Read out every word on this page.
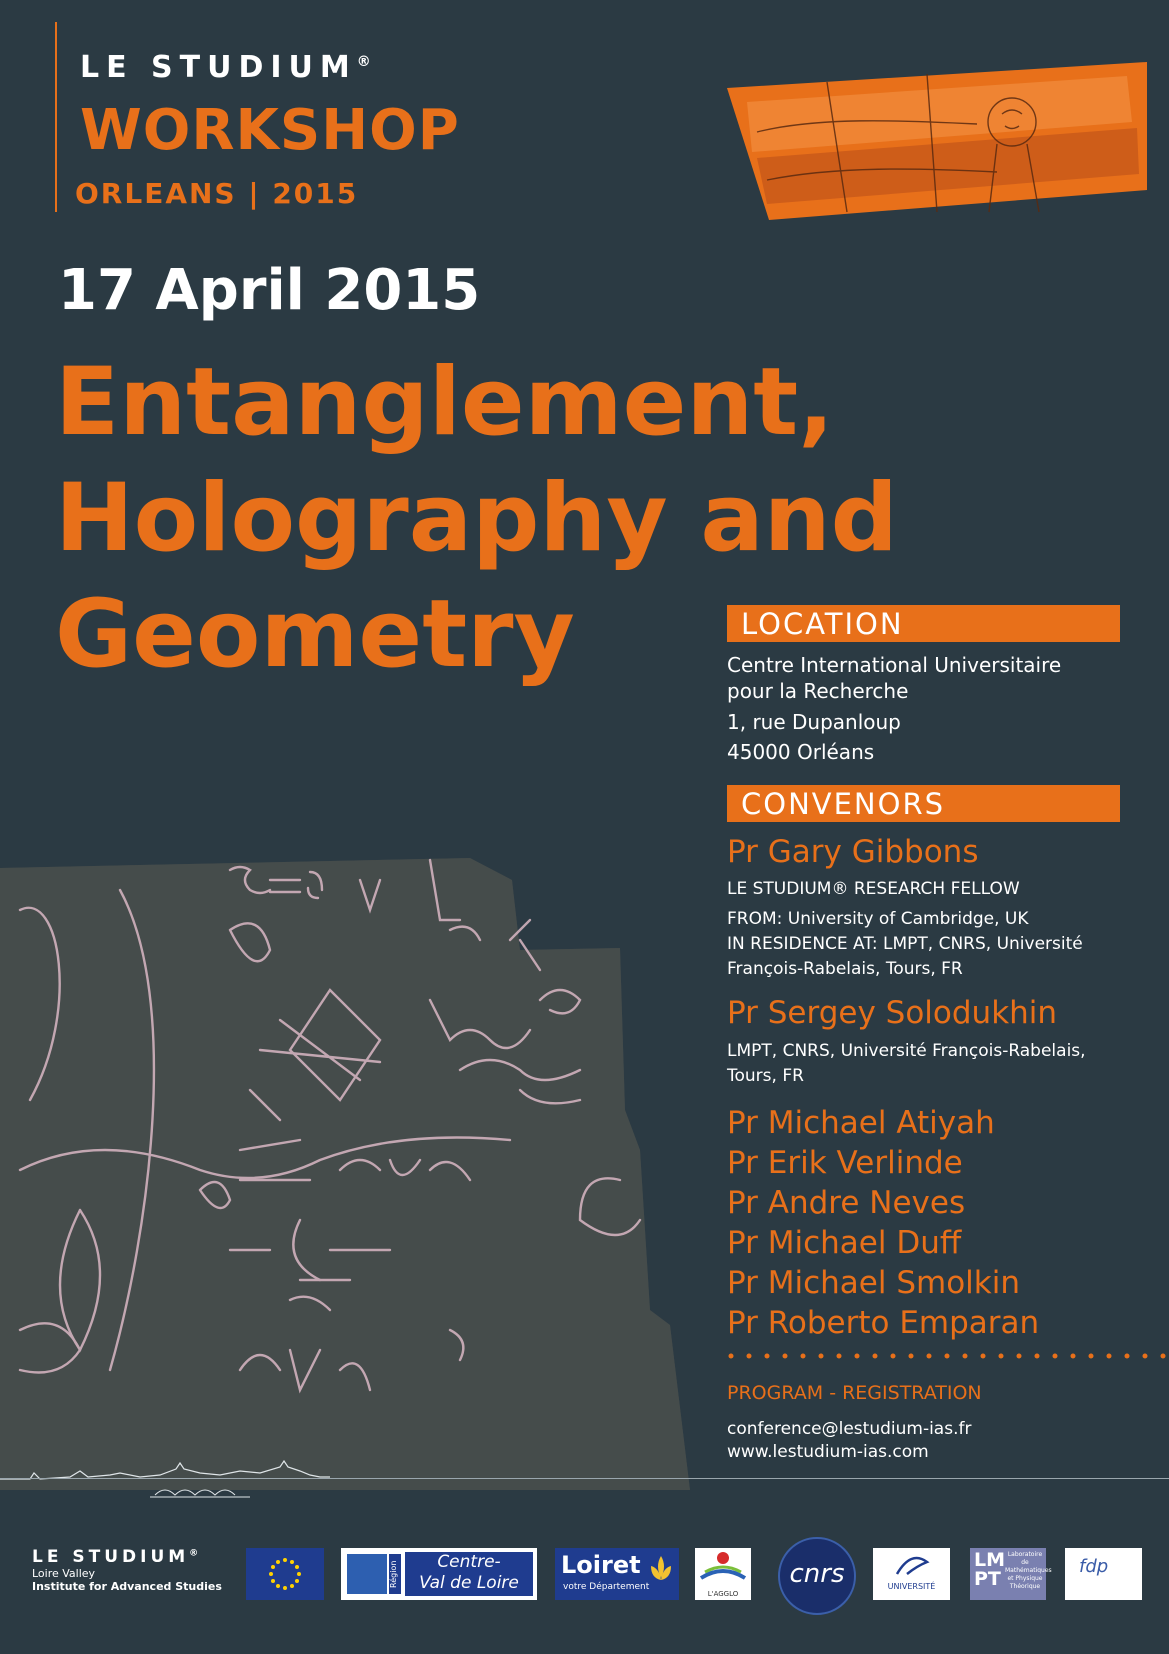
LE STUDIUM®
WORKSHOP
ORLEANS | 2015
17 April 2015
Entanglement,
Holography and
Geometry	LOCATION
Centre International Universitaire
pour la Recherche
1, rue Dupanloup
45000 Orléans
CONVENORS
Pr Gary Gibbons
LE STUDIUM® RESEARCH FELLOW
FROM: University of Cambridge, UK
IN RESIDENCE AT: LMPT, CNRS, Université
François-Rabelais, Tours, FR
Pr Sergey Solodukhin
LMPT, CNRS, Université François-Rabelais,
Tours, FR
Pr Michael Atiyah
Pr Erik Verlinde
Pr Andre Neves
Pr Michael Duff
Pr Michael Smolkin
Pr Roberto Emparan
PROGRAM - REGISTRATION
conference@lestudium-ias.fr
www.lestudium-ias.com
LE STUDIUM®
Loire Valley
Institute for Advanced Studies	Région	Centre-
Val de Loire
Loiret
votre Département
L'AGGLO
cnrs	UNIVERSITÉ
LM
PT
Laboratoire de Mathématiques et Physique Théorique
fdp
